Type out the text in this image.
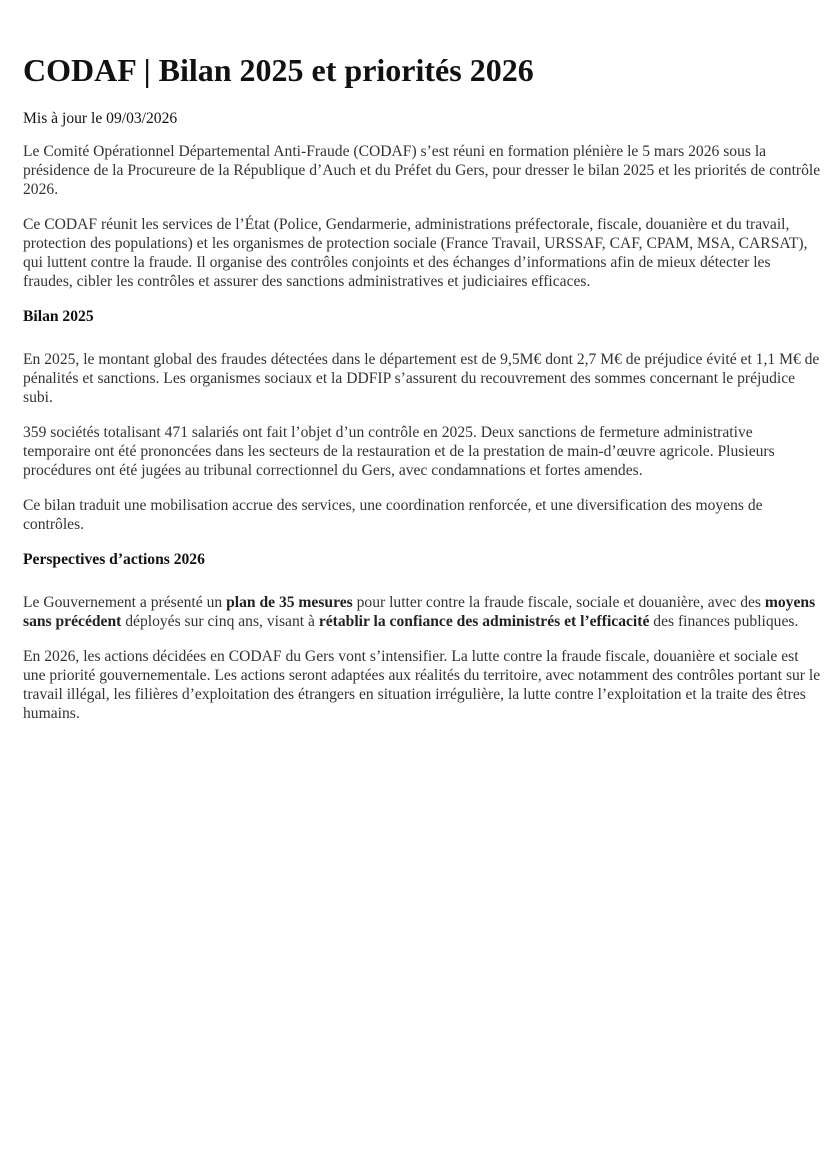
CODAF | Bilan 2025 et priorités 2026

Mis à jour le 09/03/2026

Le Comité Opérationnel Départemental Anti-Fraude (CODAF) s’est réuni en formation plénière le 5 mars 2026 sous la présidence de la Procureure de la République d’Auch et du Préfet du Gers, pour dresser le bilan 2025 et les priorités de contrôle 2026.

Ce CODAF réunit les services de l’État (Police, Gendarmerie, administrations préfectorale, fiscale, douanière et du travail, protection des populations) et les organismes de protection sociale (France Travail, URSSAF, CAF, CPAM, MSA, CARSAT), qui luttent contre la fraude. Il organise des contrôles conjoints et des échanges d’informations afin de mieux détecter les fraudes, cibler les contrôles et assurer des sanctions administratives et judiciaires efficaces.

Bilan 2025

En 2025, le montant global des fraudes détectées dans le département est de 9,5M€ dont 2,7 M€ de préjudice évité et 1,1 M€ de pénalités et sanctions. Les organismes sociaux et la DDFIP s’assurent du recouvrement des sommes concernant le préjudice subi.

359 sociétés totalisant 471 salariés ont fait l’objet d’un contrôle en 2025. Deux sanctions de fermeture administrative temporaire ont été prononcées dans les secteurs de la restauration et de la prestation de main-d’œuvre agricole. Plusieurs procédures ont été jugées au tribunal correctionnel du Gers, avec condamnations et fortes amendes.

Ce bilan traduit une mobilisation accrue des services, une coordination renforcée, et une diversification des moyens de contrôles.

Perspectives d’actions 2026

Le Gouvernement a présenté un plan de 35 mesures pour lutter contre la fraude fiscale, sociale et douanière, avec des moyens sans précédent déployés sur cinq ans, visant à rétablir la confiance des administrés et l’efficacité des finances publiques.

En 2026, les actions décidées en CODAF du Gers vont s’intensifier. La lutte contre la fraude fiscale, douanière et sociale est une priorité gouvernementale. Les actions seront adaptées aux réalités du territoire, avec notamment des contrôles portant sur le travail illégal, les filières d’exploitation des étrangers en situation irrégulière, la lutte contre l’exploitation et la traite des êtres humains.
